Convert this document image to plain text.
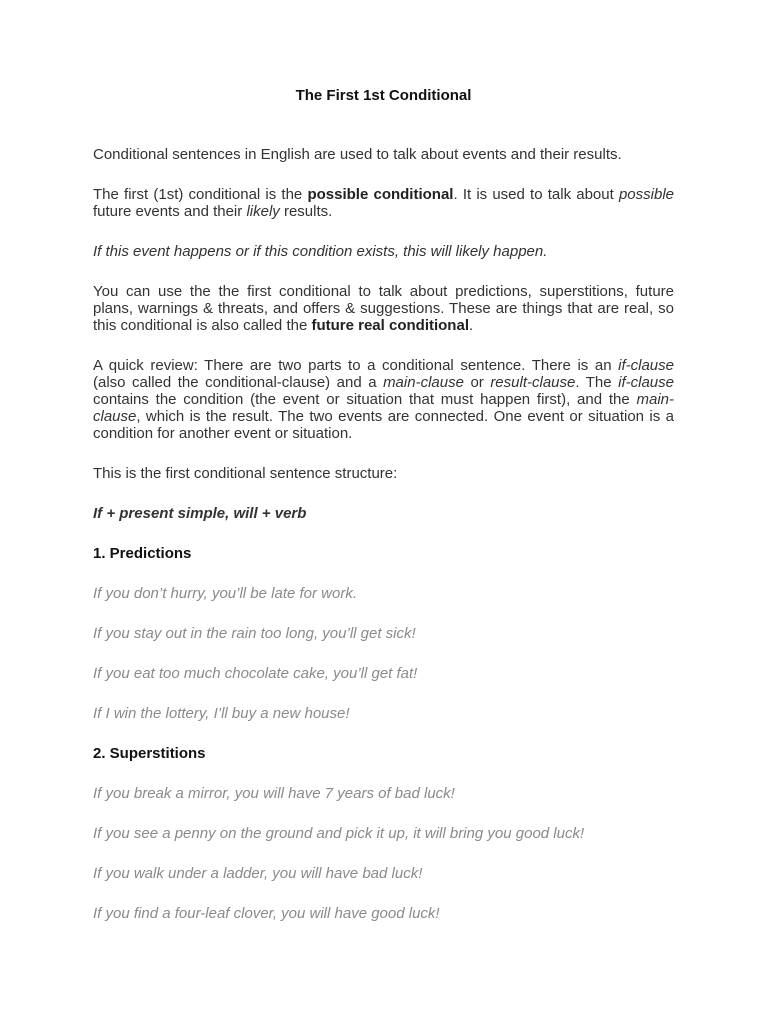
The First 1st Conditional

Conditional sentences in English are used to talk about events and their results.

The first (1st) conditional is the possible conditional. It is used to talk about possible future events and their likely results.

If this event happens or if this condition exists, this will likely happen.

You can use the the first conditional to talk about predictions, superstitions, future plans, warnings & threats, and offers & suggestions. These are things that are real, so this conditional is also called the future real conditional.

A quick review: There are two parts to a conditional sentence. There is an if-clause (also called the conditional-clause) and a main-clause or result-clause. The if-clause contains the condition (the event or situation that must happen first), and the main-clause, which is the result. The two events are connected. One event or situation is a condition for another event or situation.

This is the first conditional sentence structure:

If + present simple, will + verb

1. Predictions

If you don’t hurry, you’ll be late for work.

If you stay out in the rain too long, you’ll get sick!

If you eat too much chocolate cake, you’ll get fat!

If I win the lottery, I’ll buy a new house!

2. Superstitions

If you break a mirror, you will have 7 years of bad luck!

If you see a penny on the ground and pick it up, it will bring you good luck!

If you walk under a ladder, you will have bad luck!

If you find a four-leaf clover, you will have good luck!
